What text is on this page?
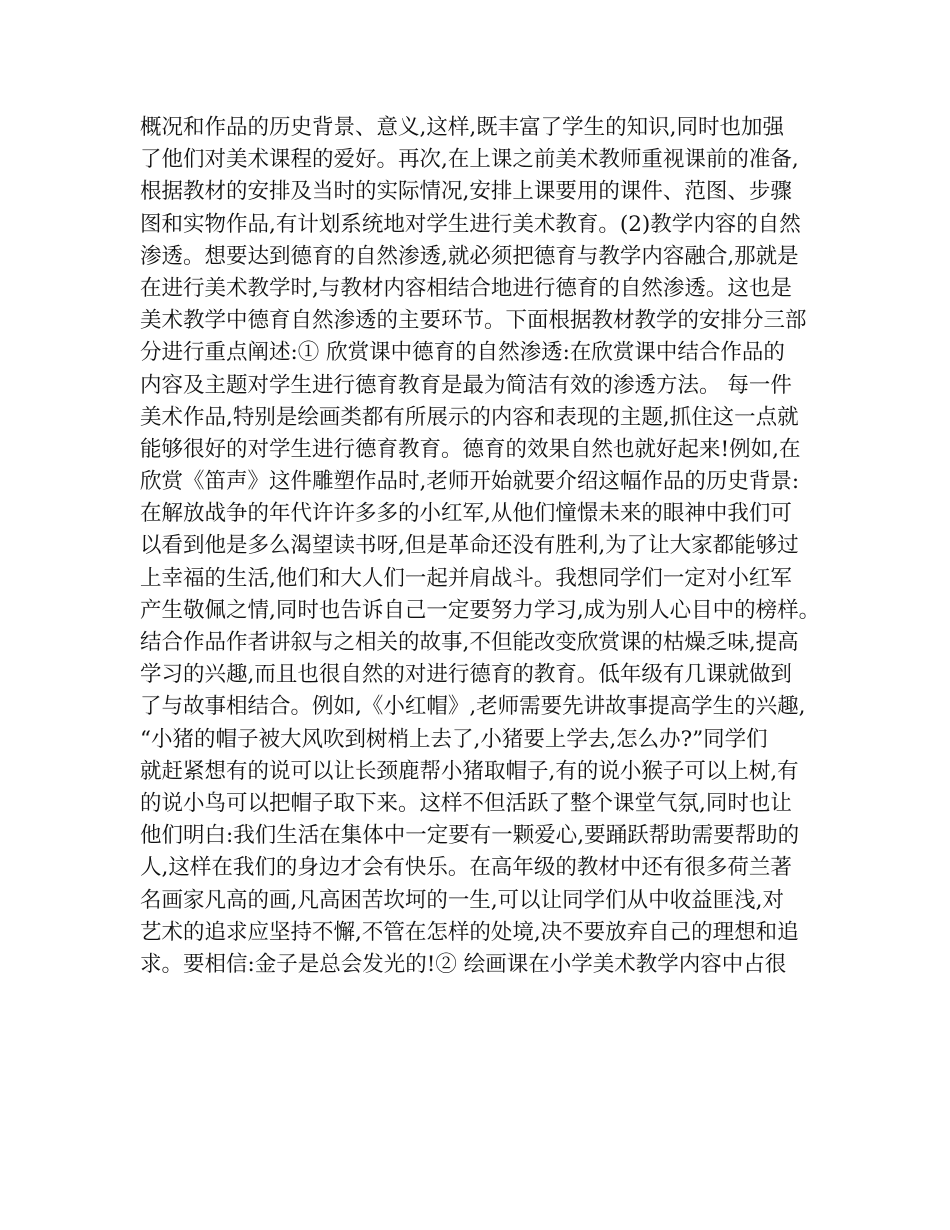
概况和作品的历史背景、意义,这样,既丰富了学生的知识,同时也加强
了他们对美术课程的爱好。再次,在上课之前美术教师重视课前的准备,
根据教材的安排及当时的实际情况,安排上课要用的课件、范图、步骤
图和实物作品,有计划系统地对学生进行美术教育。(2)教学内容的自然
渗透。想要达到德育的自然渗透,就必须把德育与教学内容融合,那就是
在进行美术教学时,与教材内容相结合地进行德育的自然渗透。这也是
美术教学中德育自然渗透的主要环节。下面根据教材教学的安排分三部
分进行重点阐述:① 欣赏课中德育的自然渗透:在欣赏课中结合作品的
内容及主题对学生进行德育教育是最为简洁有效的渗透方法。 每一件
美术作品,特别是绘画类都有所展示的内容和表现的主题,抓住这一点就
能够很好的对学生进行德育教育。德育的效果自然也就好起来!例如,在
欣赏《笛声》这件雕塑作品时,老师开始就要介绍这幅作品的历史背景:
在解放战争的年代许许多多的小红军,从他们憧憬未来的眼神中我们可
以看到他是多么渴望读书呀,但是革命还没有胜利,为了让大家都能够过
上幸福的生活,他们和大人们一起并肩战斗。我想同学们一定对小红军
产生敬佩之情,同时也告诉自己一定要努力学习,成为别人心目中的榜样。
结合作品作者讲叙与之相关的故事,不但能改变欣赏课的枯燥乏味,提高
学习的兴趣,而且也很自然的对进行德育的教育。低年级有几课就做到
了与故事相结合。例如,《小红帽》,老师需要先讲故事提高学生的兴趣,
“小猪的帽子被大风吹到树梢上去了,小猪要上学去,怎么办?”同学们
就赶紧想有的说可以让长颈鹿帮小猪取帽子,有的说小猴子可以上树,有
的说小鸟可以把帽子取下来。这样不但活跃了整个课堂气氛,同时也让
他们明白:我们生活在集体中一定要有一颗爱心,要踊跃帮助需要帮助的
人,这样在我们的身边才会有快乐。在高年级的教材中还有很多荷兰著
名画家凡高的画,凡高困苦坎坷的一生,可以让同学们从中收益匪浅,对
艺术的追求应坚持不懈,不管在怎样的处境,决不要放弃自己的理想和追
求。要相信:金子是总会发光的!② 绘画课在小学美术教学内容中占很
